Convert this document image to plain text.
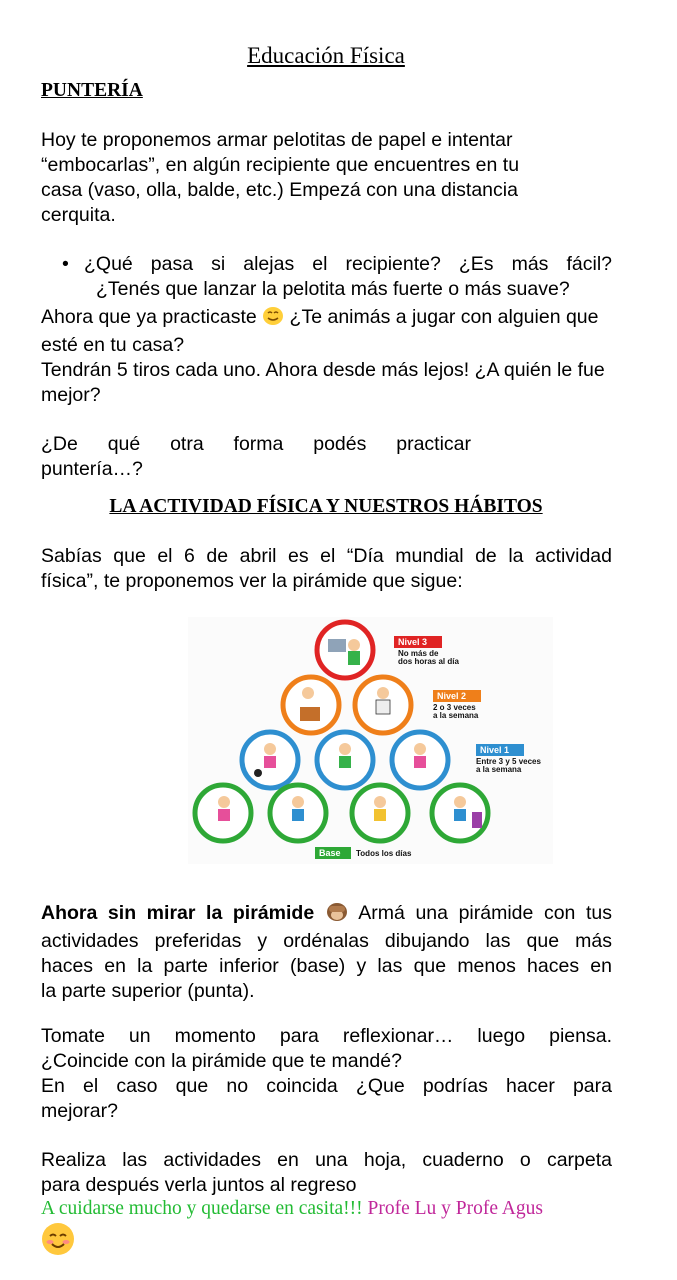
Educación Física
PUNTERÍA
Hoy te proponemos armar pelotitas de papel e intentar
“embocarlas”, en algún recipiente que encuentres en tu
casa (vaso, olla, balde, etc.) Empezá con una distancia
cerquita.
• ¿Qué pasa si alejas el recipiente? ¿Es más fácil?
¿Tenés que lanzar la pelotita más fuerte o más suave?
Ahora que ya practicaste  ¿Te animás a jugar con alguien que
esté en tu casa?
Tendrán 5 tiros cada uno. Ahora desde más lejos! ¿A quién le fue
mejor?
¿De qué otra forma podés practicar
puntería…?
LA ACTIVIDAD FÍSICA Y NUESTROS HÁBITOS
Sabías que el 6 de abril es el “Día mundial de la actividad
física”, te proponemos ver la pirámide que sigue:
Nivel 3
No más de
dos horas al día
Nivel 2
2 o 3 veces
a la semana
Nivel 1
Entre 3 y 5 veces
a la semana
Base Todos los días
Ahora sin mirar la pirámide  Armá una pirámide con tus
actividades preferidas y ordénalas dibujando las que más
haces en la parte inferior (base) y las que menos haces en
la parte superior (punta).
Tomate un momento para reflexionar… luego piensa.
¿Coincide con la pirámide que te mandé?
En el caso que no coincida ¿Que podrías hacer para
mejorar?
Realiza las actividades en una hoja, cuaderno o carpeta
para después verla juntos al regreso
A cuidarse mucho y quedarse en casita!!! Profe Lu y Profe Agus
